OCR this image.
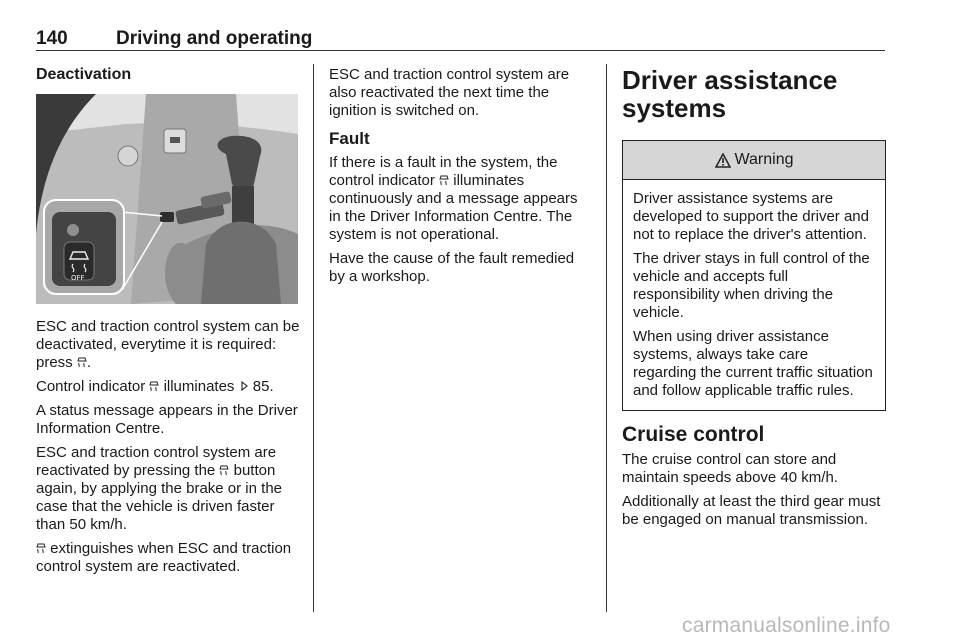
140	Driving and operating
Deactivation
OFF

ESC and traction control system can be deactivated, everytime it is required: press .

Control indicator illuminates 85.

A status message appears in the Driver Information Centre.

ESC and traction control system are reactivated by pressing the button again, by applying the brake or in the case that the vehicle is driven faster than 50 km/h.

extinguishes when ESC and traction control system are reactivated.

ESC and traction control system are also reactivated the next time the ignition is switched on.

Fault

If there is a fault in the system, the control indicator illuminates continuously and a message appears in the Driver Information Centre. The system is not operational.

Have the cause of the fault remedied by a workshop.

Driver assistance systems
Warning

Driver assistance systems are developed to support the driver and not to replace the driver's attention.

The driver stays in full control of the vehicle and accepts full responsibility when driving the vehicle.

When using driver assistance systems, always take care regarding the current traffic situation and follow applicable traffic rules.

Cruise control

The cruise control can store and maintain speeds above 40 km/h.

Additionally at least the third gear must be engaged on manual transmission.

carmanualsonline.info
